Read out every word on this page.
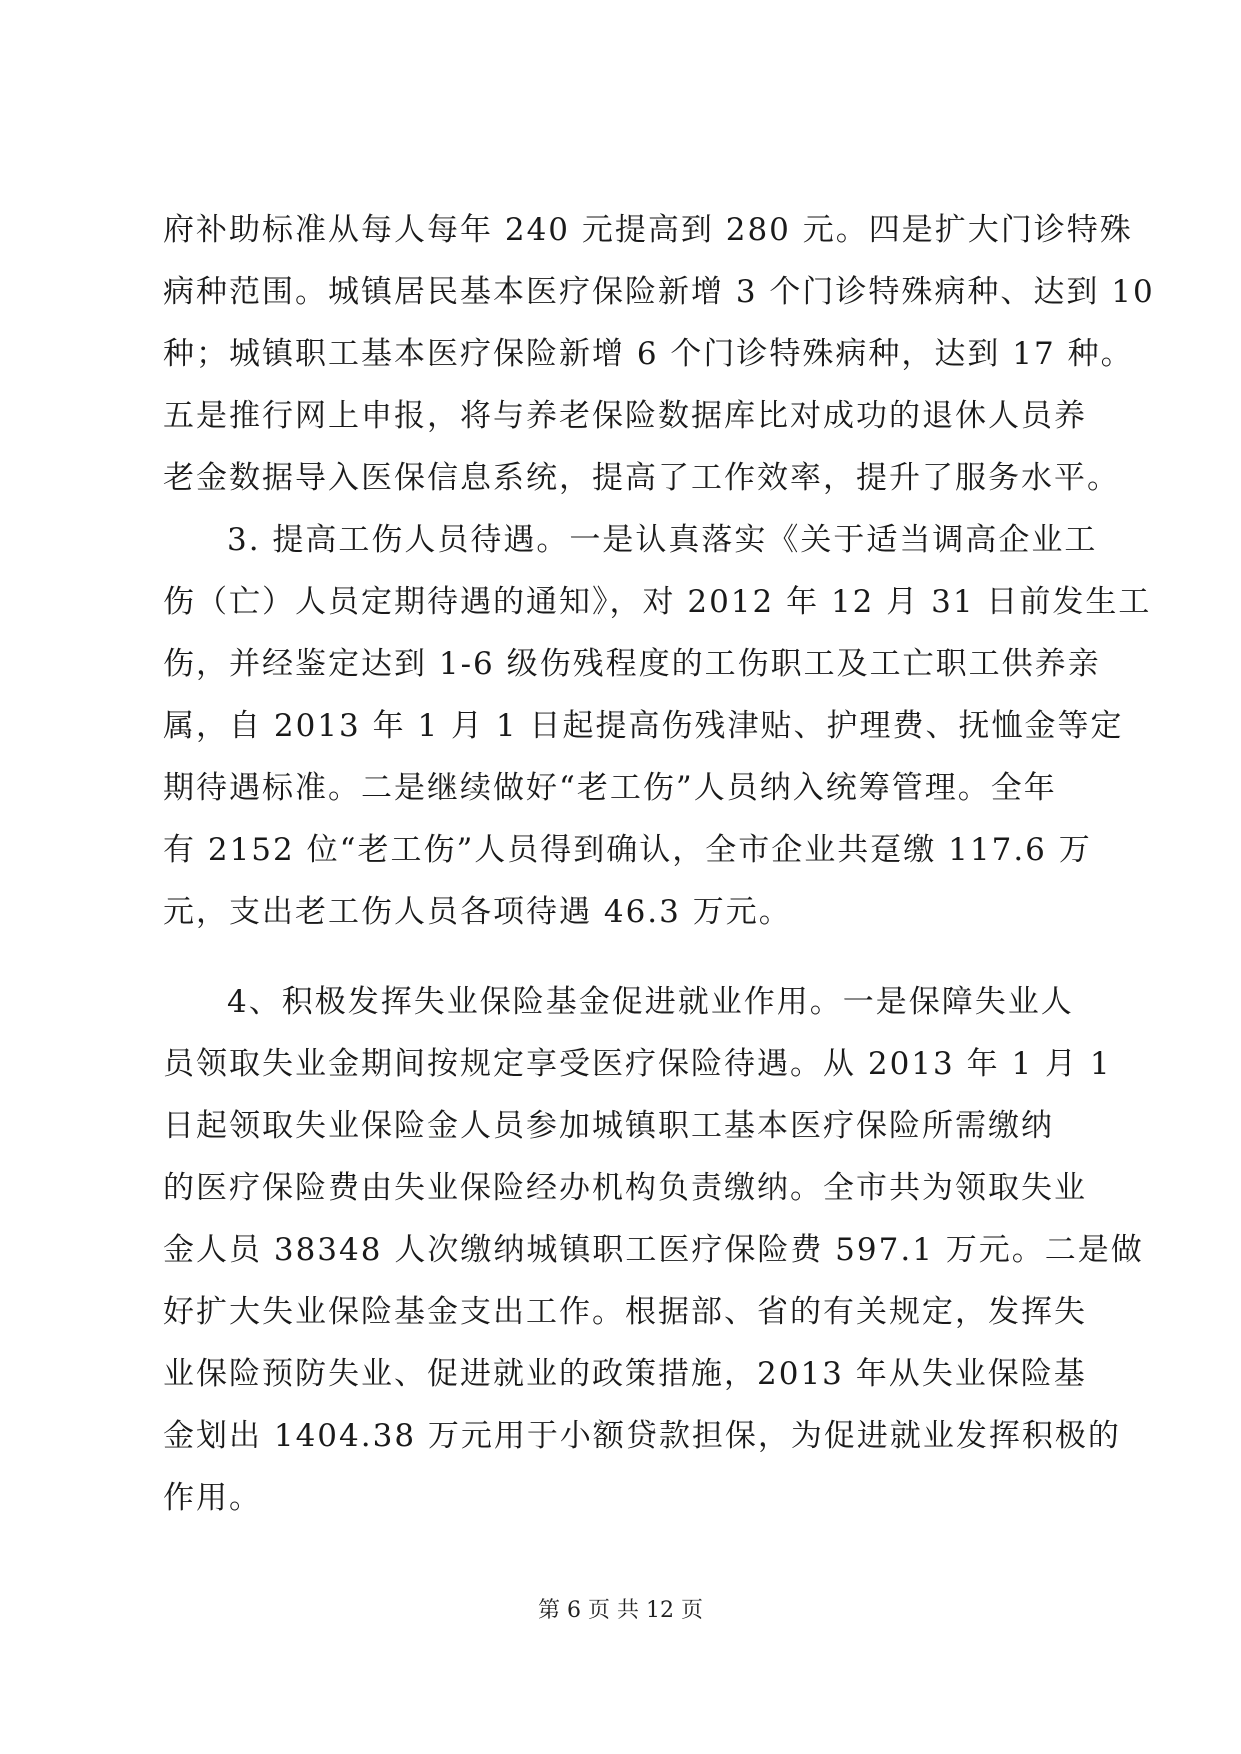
府补助标准从每人每年 240 元提高到 280 元。四是扩大门诊特殊
病种范围。城镇居民基本医疗保险新增 3 个门诊特殊病种、达到 10
种；城镇职工基本医疗保险新增 6 个门诊特殊病种，达到 17 种。
五是推行网上申报，将与养老保险数据库比对成功的退休人员养
老金数据导入医保信息系统，提高了工作效率，提升了服务水平。
3. 提高工伤人员待遇。一是认真落实《关于适当调高企业工
伤（亡）人员定期待遇的通知》，对 2012 年 12 月 31 日前发生工
伤，并经鉴定达到 1-6 级伤残程度的工伤职工及工亡职工供养亲
属，自 2013 年 1 月 1 日起提高伤残津贴、护理费、抚恤金等定
期待遇标准。二是继续做好“老工伤”人员纳入统筹管理。全年
有 2152 位“老工伤”人员得到确认，全市企业共趸缴 117.6 万
元，支出老工伤人员各项待遇 46.3 万元。
4、积极发挥失业保险基金促进就业作用。一是保障失业人
员领取失业金期间按规定享受医疗保险待遇。从 2013 年 1 月 1
日起领取失业保险金人员参加城镇职工基本医疗保险所需缴纳
的医疗保险费由失业保险经办机构负责缴纳。全市共为领取失业
金人员 38348 人次缴纳城镇职工医疗保险费 597.1 万元。二是做
好扩大失业保险基金支出工作。根据部、省的有关规定，发挥失
业保险预防失业、促进就业的政策措施，2013 年从失业保险基
金划出 1404.38 万元用于小额贷款担保，为促进就业发挥积极的
作用。
第 6 页 共 12 页
